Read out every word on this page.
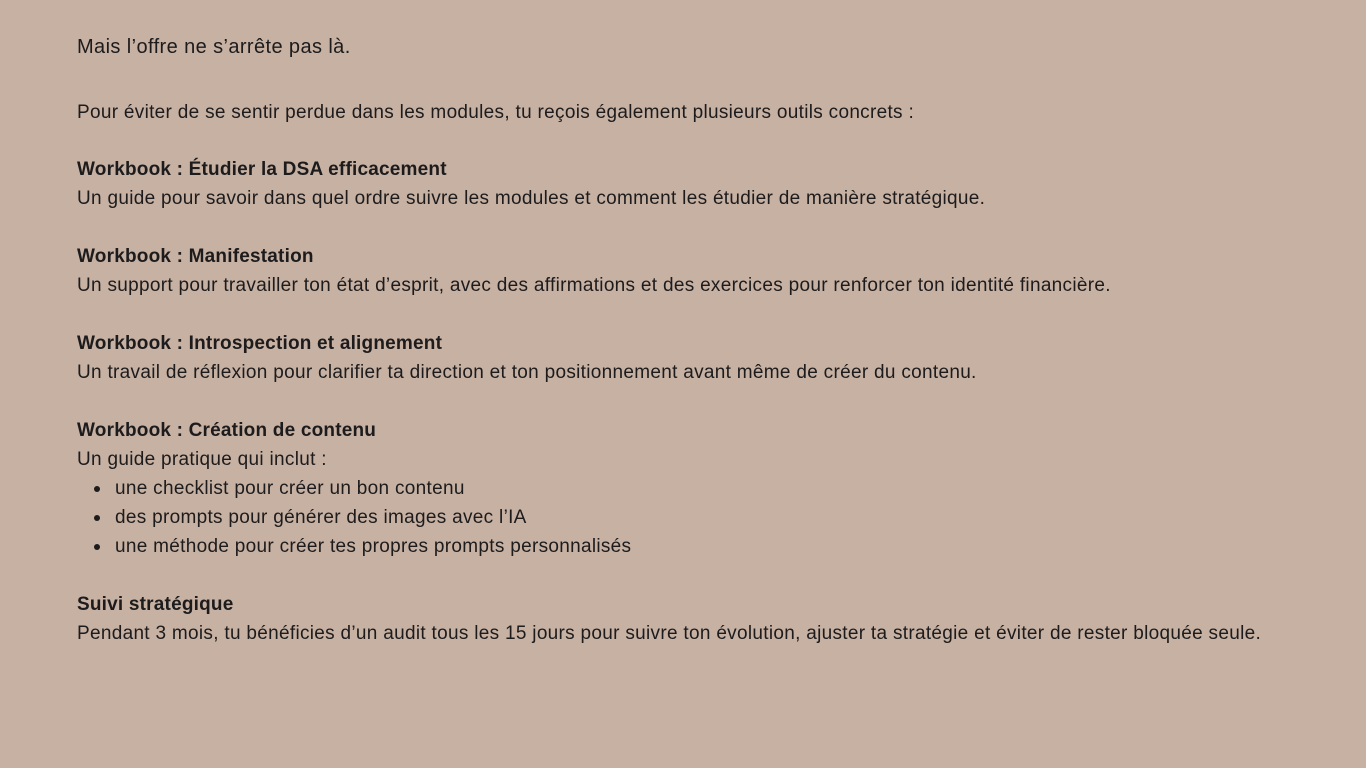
Mais l’offre ne s’arrête pas là.

Pour éviter de se sentir perdue dans les modules, tu reçois également plusieurs outils concrets :

Workbook : Étudier la DSA efficacement

Un guide pour savoir dans quel ordre suivre les modules et comment les étudier de manière stratégique.

Workbook : Manifestation

Un support pour travailler ton état d’esprit, avec des affirmations et des exercices pour renforcer ton identité financière.

Workbook : Introspection et alignement

Un travail de réflexion pour clarifier ta direction et ton positionnement avant même de créer du contenu.

Workbook : Création de contenu

Un guide pratique qui inclut :

une checklist pour créer un bon contenu
des prompts pour générer des images avec l’IA
une méthode pour créer tes propres prompts personnalisés
Suivi stratégique

Pendant 3 mois, tu bénéficies d’un audit tous les 15 jours pour suivre ton évolution, ajuster ta stratégie et éviter de rester bloquée seule.
